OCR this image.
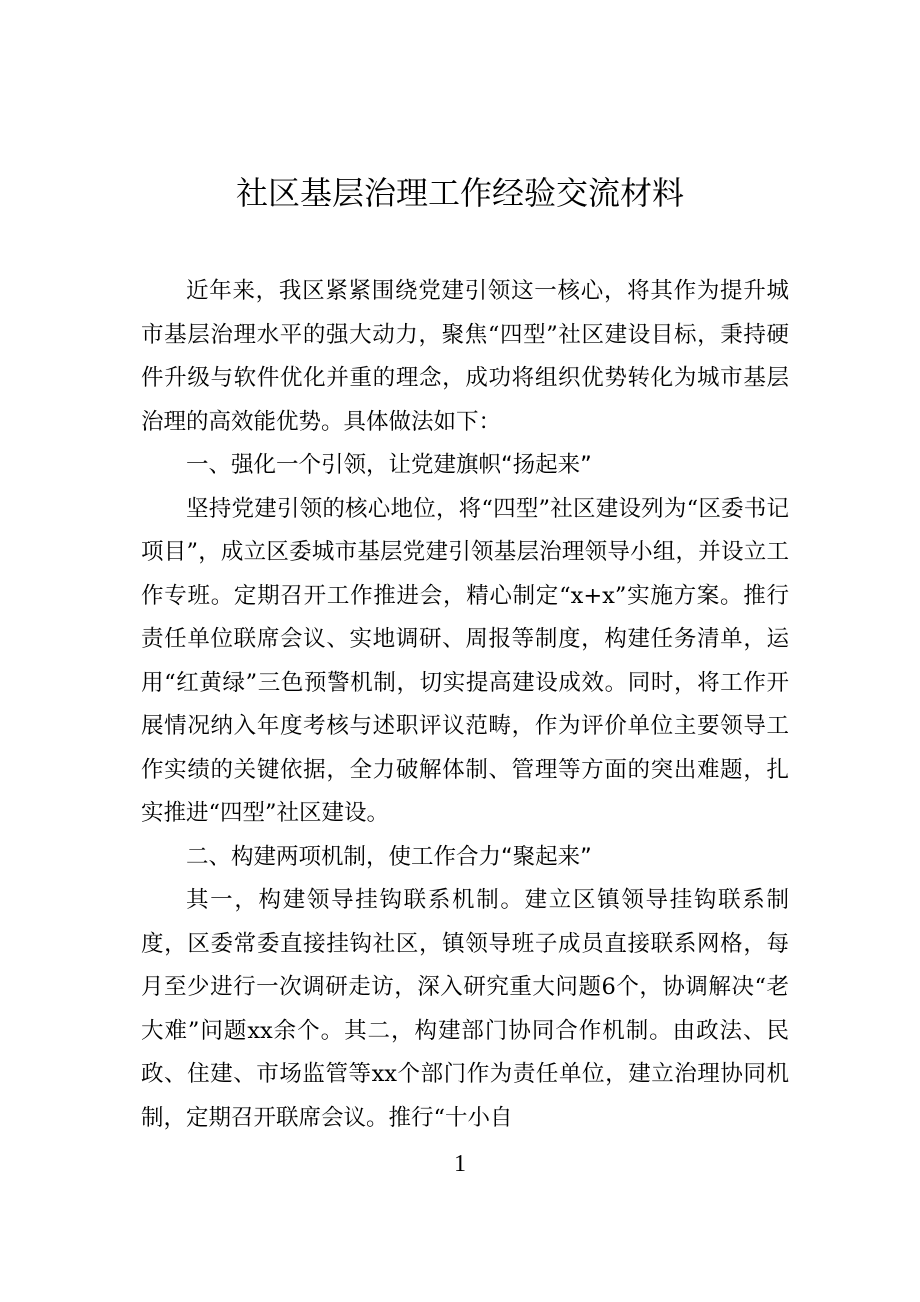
社区基层治理工作经验交流材料

近年来，我区紧紧围绕党建引领这一核心，将其作为提升城市基层治理水平的强大动力，聚焦“四型”社区建设目标，秉持硬件升级与软件优化并重的理念，成功将组织优势转化为城市基层治理的高效能优势。具体做法如下：

一、强化一个引领，让党建旗帜“扬起来”

坚持党建引领的核心地位，将“四型”社区建设列为“区委书记项目”，成立区委城市基层党建引领基层治理领导小组，并设立工作专班。定期召开工作推进会，精心制定“x+x”实施方案。推行责任单位联席会议、实地调研、周报等制度，构建任务清单，运用“红黄绿”三色预警机制，切实提高建设成效。同时，将工作开展情况纳入年度考核与述职评议范畴，作为评价单位主要领导工作实绩的关键依据，全力破解体制、管理等方面的突出难题，扎实推进“四型”社区建设。

二、构建两项机制，使工作合力“聚起来”

其一，构建领导挂钩联系机制。建立区镇领导挂钩联系制度，区委常委直接挂钩社区，镇领导班子成员直接联系网格，每月至少进行一次调研走访，深入研究重大问题6个，协调解决“老大难”问题xx余个。其二，构建部门协同合作机制。由政法、民政、住建、市场监管等xx个部门作为责任单位，建立治理协同机制，定期召开联席会议。推行“十小自

1
